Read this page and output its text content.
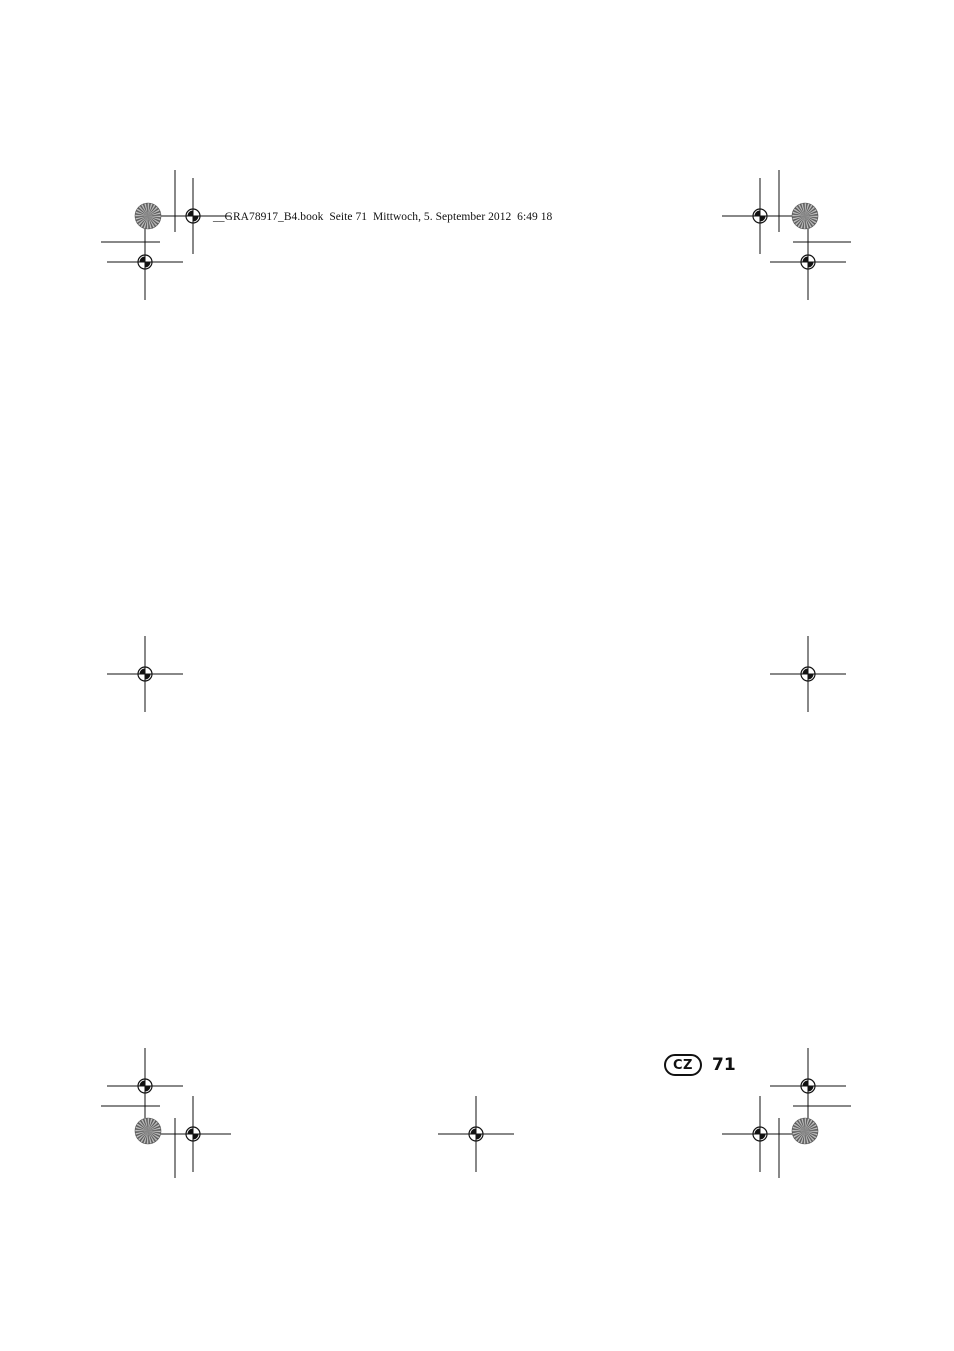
__GRA78917_B4.book  Seite 71  Mittwoch, 5. September 2012  6:49 18
CZ 71
